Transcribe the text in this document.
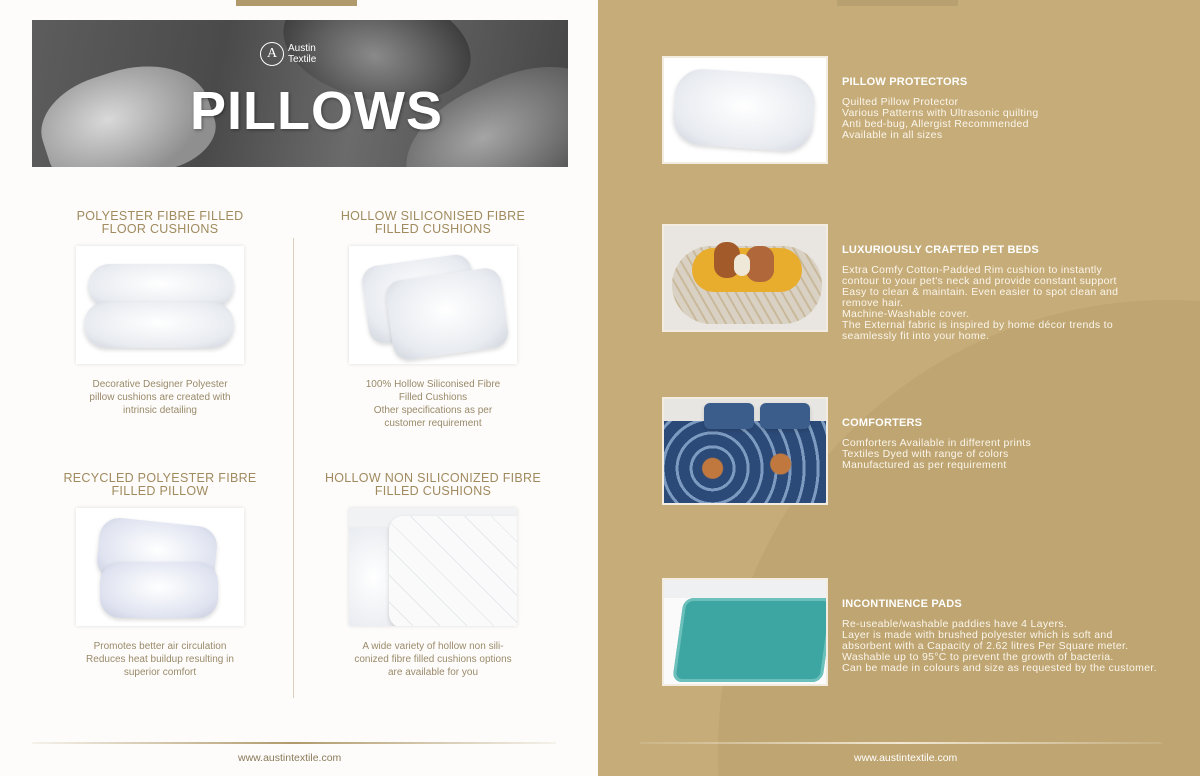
A	Austin
Textile
PILLOWS
POLYESTER FIBRE FILLED
FLOOR CUSHIONS
Decorative Designer Polyester
pillow cushions are created with
intrinsic detailing
HOLLOW SILICONISED FIBRE
FILLED CUSHIONS
100% Hollow Siliconised Fibre
Filled Cushions
Other specifications as per
customer requirement
RECYCLED POLYESTER FIBRE
FILLED PILLOW
Promotes better air circulation
Reduces heat buildup resulting in
superior comfort
HOLLOW NON SILICONIZED FIBRE
FILLED CUSHIONS
A wide variety of hollow non sili-
conized fibre filled cushions options
are available for you
www.austintextile.com
PILLOW PROTECTORS
Quilted Pillow Protector
Various Patterns with Ultrasonic quilting
Anti bed-bug, Allergist Recommended
Available in all sizes
LUXURIOUSLY CRAFTED PET BEDS
Extra Comfy Cotton-Padded Rim cushion to instantly
contour to your pet's neck and provide constant support
Easy to clean & maintain. Even easier to spot clean and
remove hair.
Machine-Washable cover.
The External fabric is inspired by home décor trends to
seamlessly fit into your home.
COMFORTERS
Comforters Available in different prints
Textiles Dyed with range of colors
Manufactured as per requirement
INCONTINENCE PADS
Re-useable/washable paddies have 4 Layers.
Layer is made with brushed polyester which is soft and
absorbent with a Capacity of 2.62 litres Per Square meter.
Washable up to 95°C to prevent the growth of bacteria.
Can be made in colours and size as requested by the customer.
www.austintextile.com
